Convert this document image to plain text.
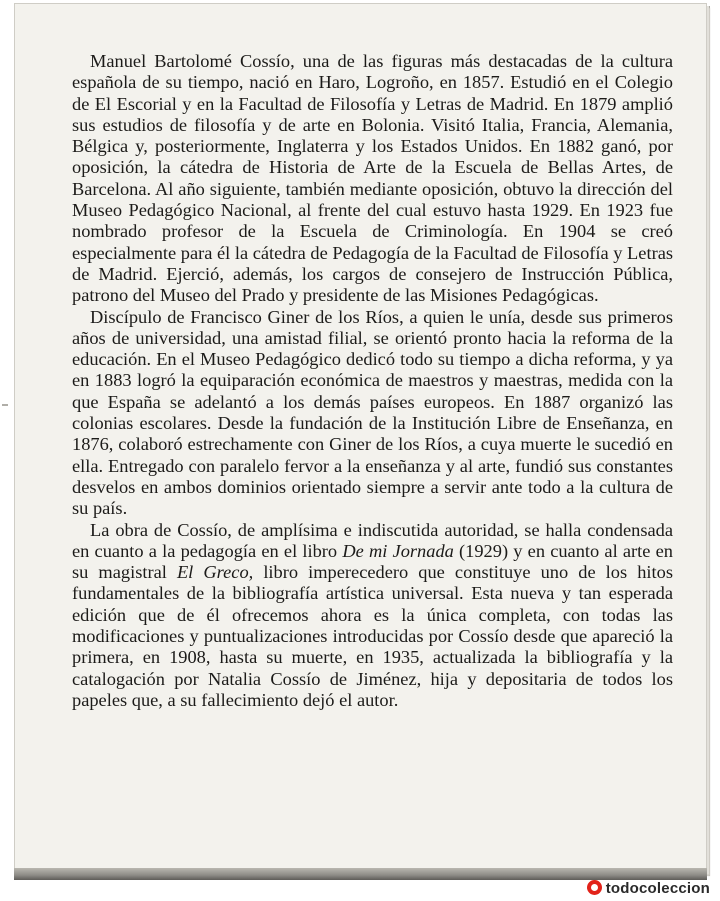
Manuel Bartolomé Cossío, una de las figuras más destacadas de la cultura española de su tiempo, nació en Haro, Logroño, en 1857. Estudió en el Colegio de El Escorial y en la Facultad de Filosofía y Letras de Madrid. En 1879 amplió sus estudios de filosofía y de arte en Bolonia. Visitó Italia, Francia, Alemania, Bélgica y, posteriormente, Inglaterra y los Estados Unidos. En 1882 ganó, por oposición, la cátedra de Historia de Arte de la Escuela de Bellas Artes, de Barcelona. Al año siguiente, también mediante oposición, obtuvo la dirección del Museo Pedagógico Nacional, al frente del cual estuvo hasta 1929. En 1923 fue nombrado profesor de la Escuela de Criminología. En 1904 se creó especialmente para él la cátedra de Pedagogía de la Facultad de Filosofía y Letras de Madrid. Ejerció, además, los cargos de consejero de Instrucción Pública, patrono del Museo del Prado y presidente de las Misiones Pedagógicas.

Discípulo de Francisco Giner de los Ríos, a quien le unía, desde sus primeros años de universidad, una amistad filial, se orientó pronto hacia la reforma de la educación. En el Museo Pedagógico dedicó todo su tiempo a dicha reforma, y ya en 1883 logró la equiparación económica de maestros y maestras, medida con la que España se adelantó a los demás países europeos. En 1887 organizó las colonias escolares. Desde la fundación de la Institución Libre de Enseñanza, en 1876, colaboró estrechamente con Giner de los Ríos, a cuya muerte le sucedió en ella. Entregado con paralelo fervor a la enseñanza y al arte, fundió sus constantes desvelos en ambos dominios orientado siempre a servir ante todo a la cultura de su país.

La obra de Cossío, de amplísima e indiscutida autoridad, se halla condensada en cuanto a la pedagogía en el libro De mi Jornada (1929) y en cuanto al arte en su magistral El Greco, libro imperecedero que constituye uno de los hitos fundamentales de la bibliografía artística universal. Esta nueva y tan esperada edición que de él ofrecemos ahora es la única completa, con todas las modificaciones y puntualizaciones introducidas por Cossío desde que apareció la primera, en 1908, hasta su muerte, en 1935, actualizada la bibliografía y la catalogación por Natalia Cossío de Jiménez, hija y depositaria de todos los papeles que, a su fallecimiento dejó el autor.

todocoleccion
